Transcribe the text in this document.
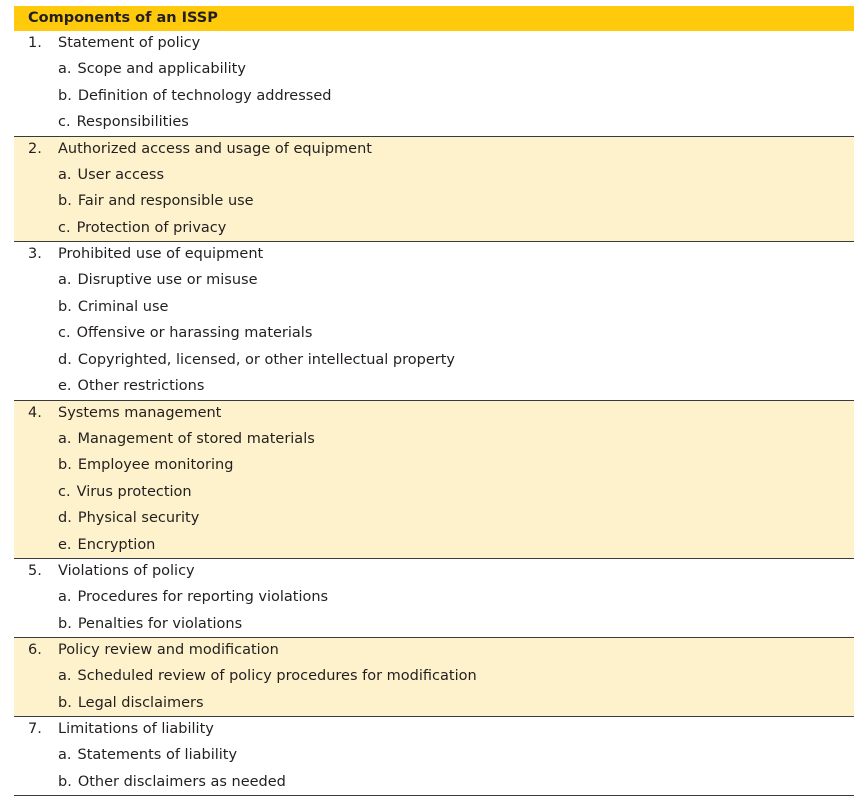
Components of an ISSP
1. Statement of policy
a. Scope and applicability
b. Definition of technology addressed
c. Responsibilities
2. Authorized access and usage of equipment
a. User access
b. Fair and responsible use
c. Protection of privacy
3. Prohibited use of equipment
a. Disruptive use or misuse
b. Criminal use
c. Offensive or harassing materials
d. Copyrighted, licensed, or other intellectual property
e. Other restrictions
4. Systems management
a. Management of stored materials
b. Employee monitoring
c. Virus protection
d. Physical security
e. Encryption
5. Violations of policy
a. Procedures for reporting violations
b. Penalties for violations
6. Policy review and modification
a. Scheduled review of policy procedures for modification
b. Legal disclaimers
7. Limitations of liability
a. Statements of liability
b. Other disclaimers as needed
